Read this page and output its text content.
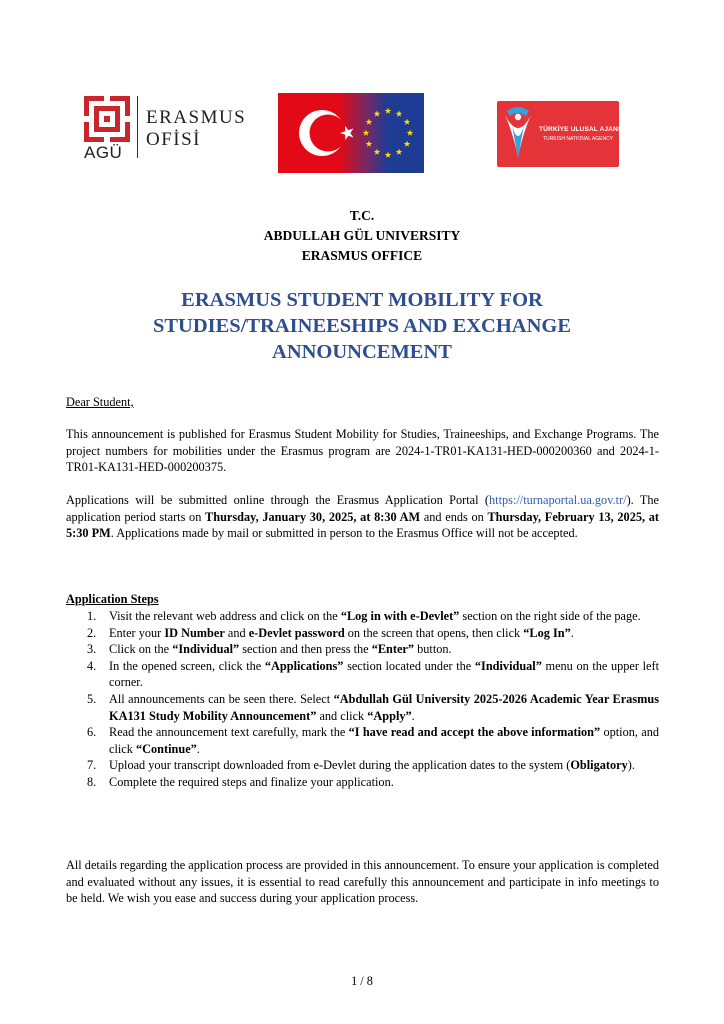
AGÜ
ERASMUS
OFİSİ	TÜRKİYE ULUSAL AJANSI
TURKISH NATIONAL AGENCY
T.C.
ABDULLAH GÜL UNIVERSITY
ERASMUS OFFICE
ERASMUS STUDENT MOBILITY FOR STUDIES/TRAINEESHIPS AND EXCHANGE ANNOUNCEMENT
Dear Student,
This announcement is published for Erasmus Student Mobility for Studies, Traineeships, and Exchange Programs. The project numbers for mobilities under the Erasmus program are 2024-1-TR01-KA131-HED-000200360 and 2024-1-TR01-KA131-HED-000200375.
Applications will be submitted online through the Erasmus Application Portal (https://turnaportal.ua.gov.tr/). The application period starts on Thursday, January 30, 2025, at 8:30 AM and ends on Thursday, February 13, 2025, at 5:30 PM. Applications made by mail or submitted in person to the Erasmus Office will not be accepted.
Application Steps
1. Visit the relevant web address and click on the “Log in with e-Devlet” section on the right side of the page.
2. Enter your ID Number and e-Devlet password on the screen that opens, then click “Log In”.
3. Click on the “Individual” section and then press the “Enter” button.
4. In the opened screen, click the “Applications” section located under the “Individual” menu on the upper left corner.
5. All announcements can be seen there. Select “Abdullah Gül University 2025-2026 Academic Year Erasmus KA131 Study Mobility Announcement” and click “Apply”.
6. Read the announcement text carefully, mark the “I have read and accept the above information” option, and click “Continue”.
7. Upload your transcript downloaded from e-Devlet during the application dates to the system (Obligatory).
8. Complete the required steps and finalize your application.
All details regarding the application process are provided in this announcement. To ensure your application is completed and evaluated without any issues, it is essential to read carefully this announcement and participate in info meetings to be held. We wish you ease and success during your application process.
1 / 8
